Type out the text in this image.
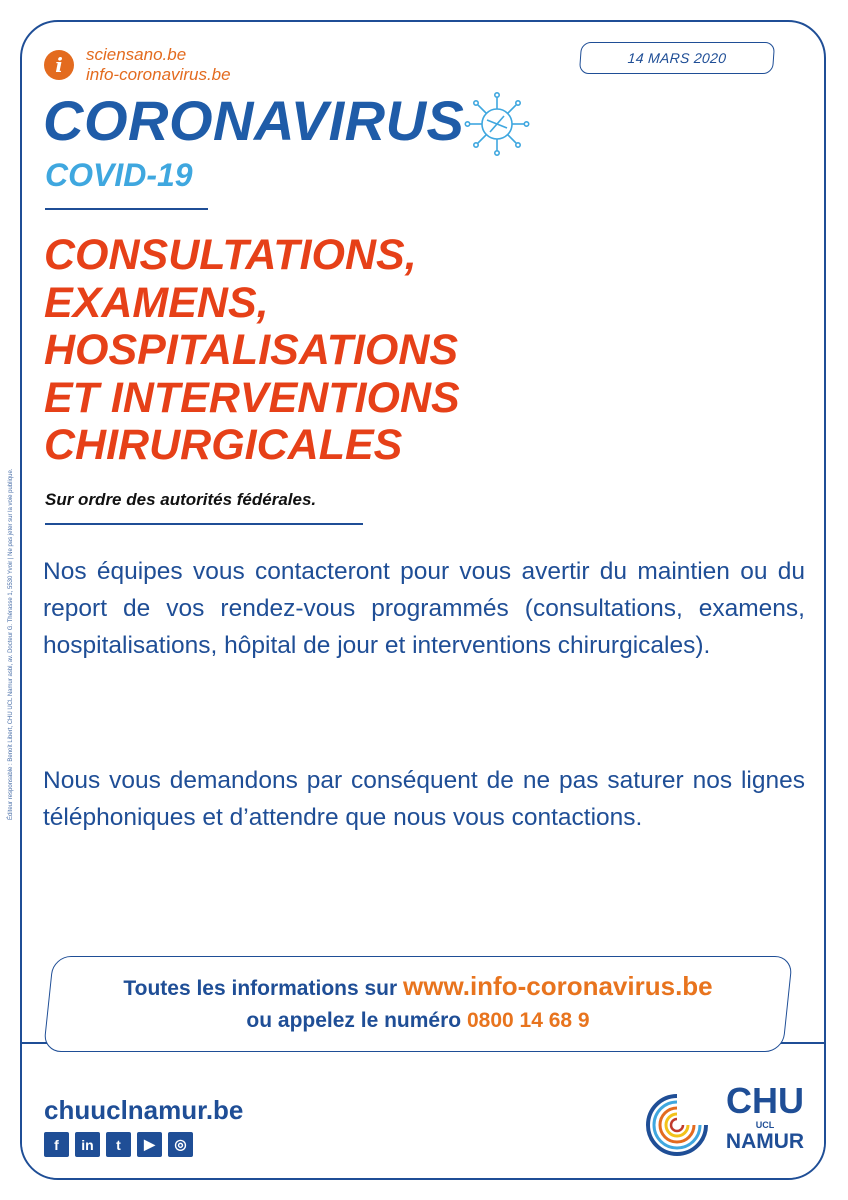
Éditeur responsable : Benoît Libert, CHU UCL Namur asbl, av. Docteur G. Thérasse 1, 5530 Yvoir | Ne pas jeter sur la voie publique.
i	sciensano.be
info-coronavirus.be
14 MARS 2020
CORONAVIRUS
COVID-19
CONSULTATIONS,
EXAMENS,
HOSPITALISATIONS
ET INTERVENTIONS
CHIRURGICALES
Sur ordre des autorités fédérales.
Nos équipes vous contacteront pour vous avertir du maintien ou du report de vos rendez-vous programmés (consultations, examens, hospitalisations, hôpital de jour et interventions chirurgicales).
Nous vous demandons par conséquent de ne pas saturer nos lignes téléphoniques et d’attendre que nous vous contactions.
Toutes les informations sur www.info-coronavirus.be
ou appelez le numéro 0800 14 68 9
chuuclnamur.be
f	in	t	▶	◎
CHU
UCL
NAMUR
